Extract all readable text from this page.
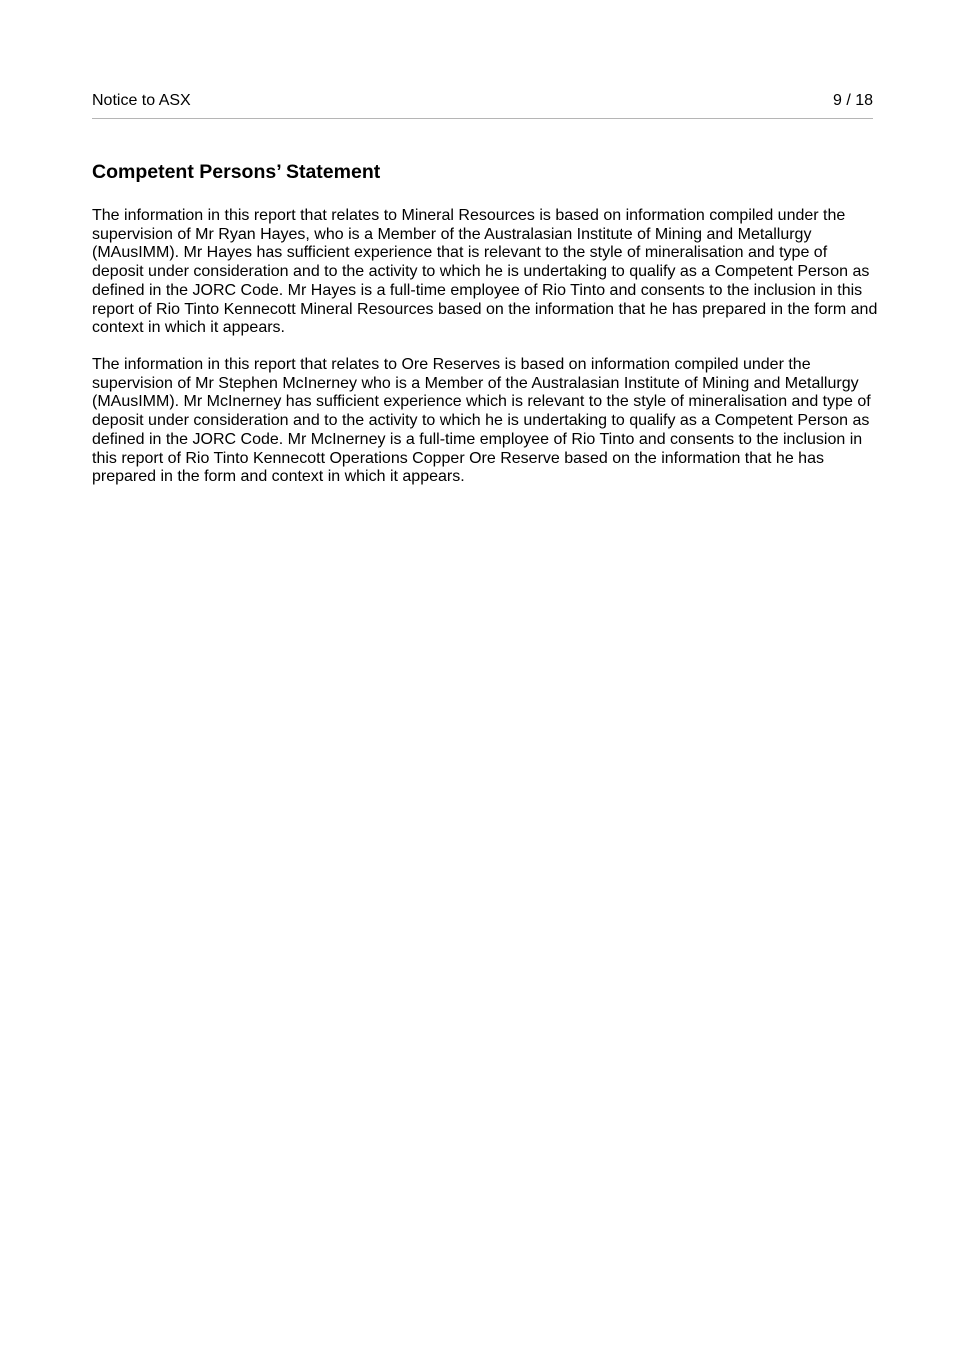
Notice to ASX	9 / 18
Competent Persons’ Statement

The information in this report that relates to Mineral Resources is based on information compiled under the supervision of Mr Ryan Hayes, who is a Member of the Australasian Institute of Mining and Metallurgy (MAusIMM). Mr Hayes has sufficient experience that is relevant to the style of mineralisation and type of deposit under consideration and to the activity to which he is undertaking to qualify as a Competent Person as defined in the JORC Code. Mr Hayes is a full-time employee of Rio Tinto and consents to the inclusion in this report of Rio Tinto Kennecott Mineral Resources based on the information that he has prepared in the form and context in which it appears.

The information in this report that relates to Ore Reserves is based on information compiled under the supervision of Mr Stephen McInerney who is a Member of the Australasian Institute of Mining and Metallurgy (MAusIMM). Mr McInerney has sufficient experience which is relevant to the style of mineralisation and type of deposit under consideration and to the activity to which he is undertaking to qualify as a Competent Person as defined in the JORC Code. Mr McInerney is a full-time employee of Rio Tinto and consents to the inclusion in this report of Rio Tinto Kennecott Operations Copper Ore Reserve based on the information that he has prepared in the form and context in which it appears.
